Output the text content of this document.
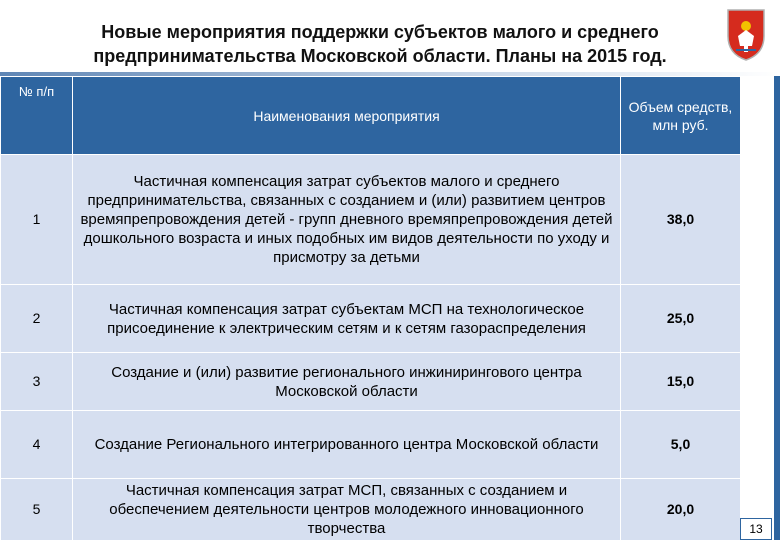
Новые мероприятия поддержки субъектов малого и среднего предпринимательства Московской области. Планы на 2015 год.
№ п/п	Наименования мероприятия	Объем средств, млн руб.
1	Частичная компенсация затрат субъектов малого и среднего предпринимательства, связанных с созданием и (или) развитием центров времяпрепровождения детей - групп дневного времяпрепровождения детей дошкольного возраста и иных подобных им видов деятельности по уходу и присмотру за детьми	38,0
2	Частичная компенсация затрат субъектам МСП на технологическое присоединение к электрическим сетям и к сетям газораспределения	25,0
3	Создание и (или) развитие регионального инжинирингового центра Московской области	15,0
4	Создание Регионального интегрированного центра Московской области	5,0
5	Частичная компенсация затрат МСП, связанных с созданием и обеспечением деятельности центров молодежного инновационного творчества	20,0
13
